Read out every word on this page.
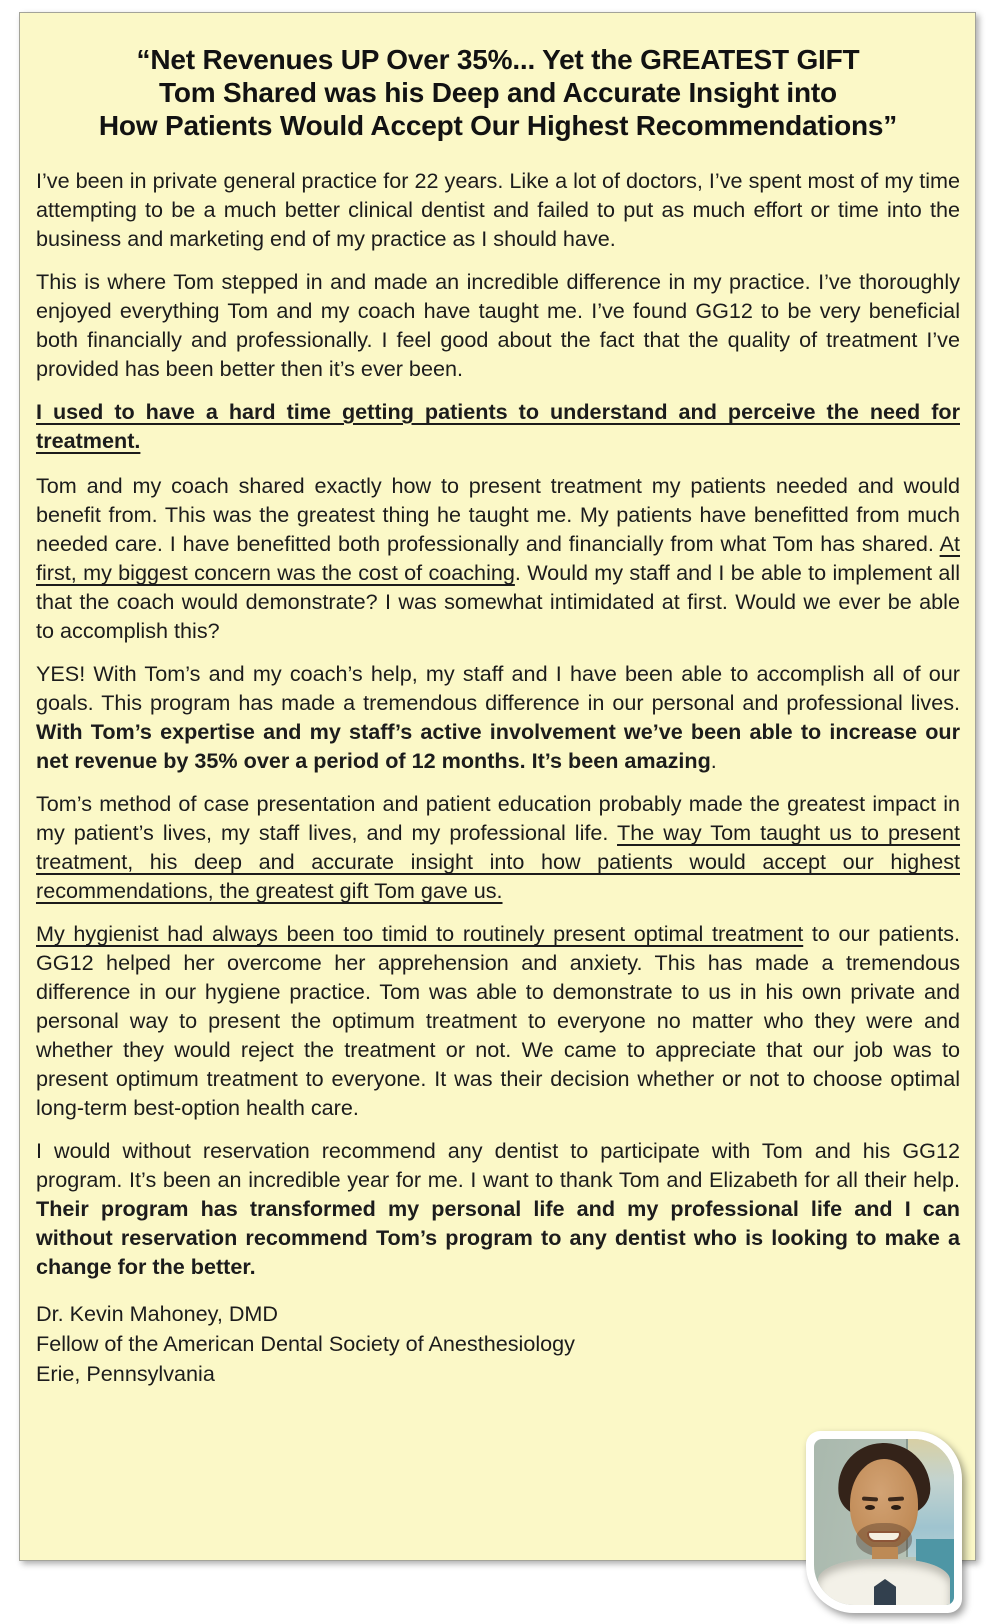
“Net Revenues UP Over 35%... Yet the GREATEST GIFT
Tom Shared was his Deep and Accurate Insight into
How Patients Would Accept Our Highest Recommendations”

I’ve been in private general practice for 22 years. Like a lot of doctors, I’ve spent most of my time attempting to be a much better clinical dentist and failed to put as much effort or time into the business and marketing end of my practice as I should have.

This is where Tom stepped in and made an incredible difference in my practice. I’ve thoroughly enjoyed everything Tom and my coach have taught me. I’ve found GG12 to be very beneficial both financially and professionally. I feel good about the fact that the quality of treatment I’ve provided has been better then it’s ever been.

I used to have a hard time getting patients to understand and perceive the need for treatment.

Tom and my coach shared exactly how to present treatment my patients needed and would benefit from. This was the greatest thing he taught me. My patients have benefitted from much needed care. I have benefitted both professionally and financially from what Tom has shared. At first, my biggest concern was the cost of coaching. Would my staff and I be able to implement all that the coach would demonstrate? I was somewhat intimidated at first. Would we ever be able to accomplish this?

YES! With Tom’s and my coach’s help, my staff and I have been able to accomplish all of our goals. This program has made a tremendous difference in our personal and professional lives. With Tom’s expertise and my staff’s active involvement we’ve been able to increase our net revenue by 35% over a period of 12 months. It’s been amazing.

Tom’s method of case presentation and patient education probably made the greatest impact in my patient’s lives, my staff lives, and my professional life. The way Tom taught us to present treatment, his deep and accurate insight into how patients would accept our highest recommendations, the greatest gift Tom gave us.

My hygienist had always been too timid to routinely present optimal treatment to our patients. GG12 helped her overcome her apprehension and anxiety. This has made a tremendous difference in our hygiene practice. Tom was able to demonstrate to us in his own private and personal way to present the optimum treatment to everyone no matter who they were and whether they would reject the treatment or not. We came to appreciate that our job was to present optimum treatment to everyone. It was their decision whether or not to choose optimal long-term best-option health care.

I would without reservation recommend any dentist to participate with Tom and his GG12 program. It’s been an incredible year for me. I want to thank Tom and Elizabeth for all their help. Their program has transformed my personal life and my professional life and I can without reservation recommend Tom’s program to any dentist who is looking to make a change for the better.

Dr. Kevin Mahoney, DMD
Fellow of the American Dental Society of Anesthesiology
Erie, Pennsylvania
